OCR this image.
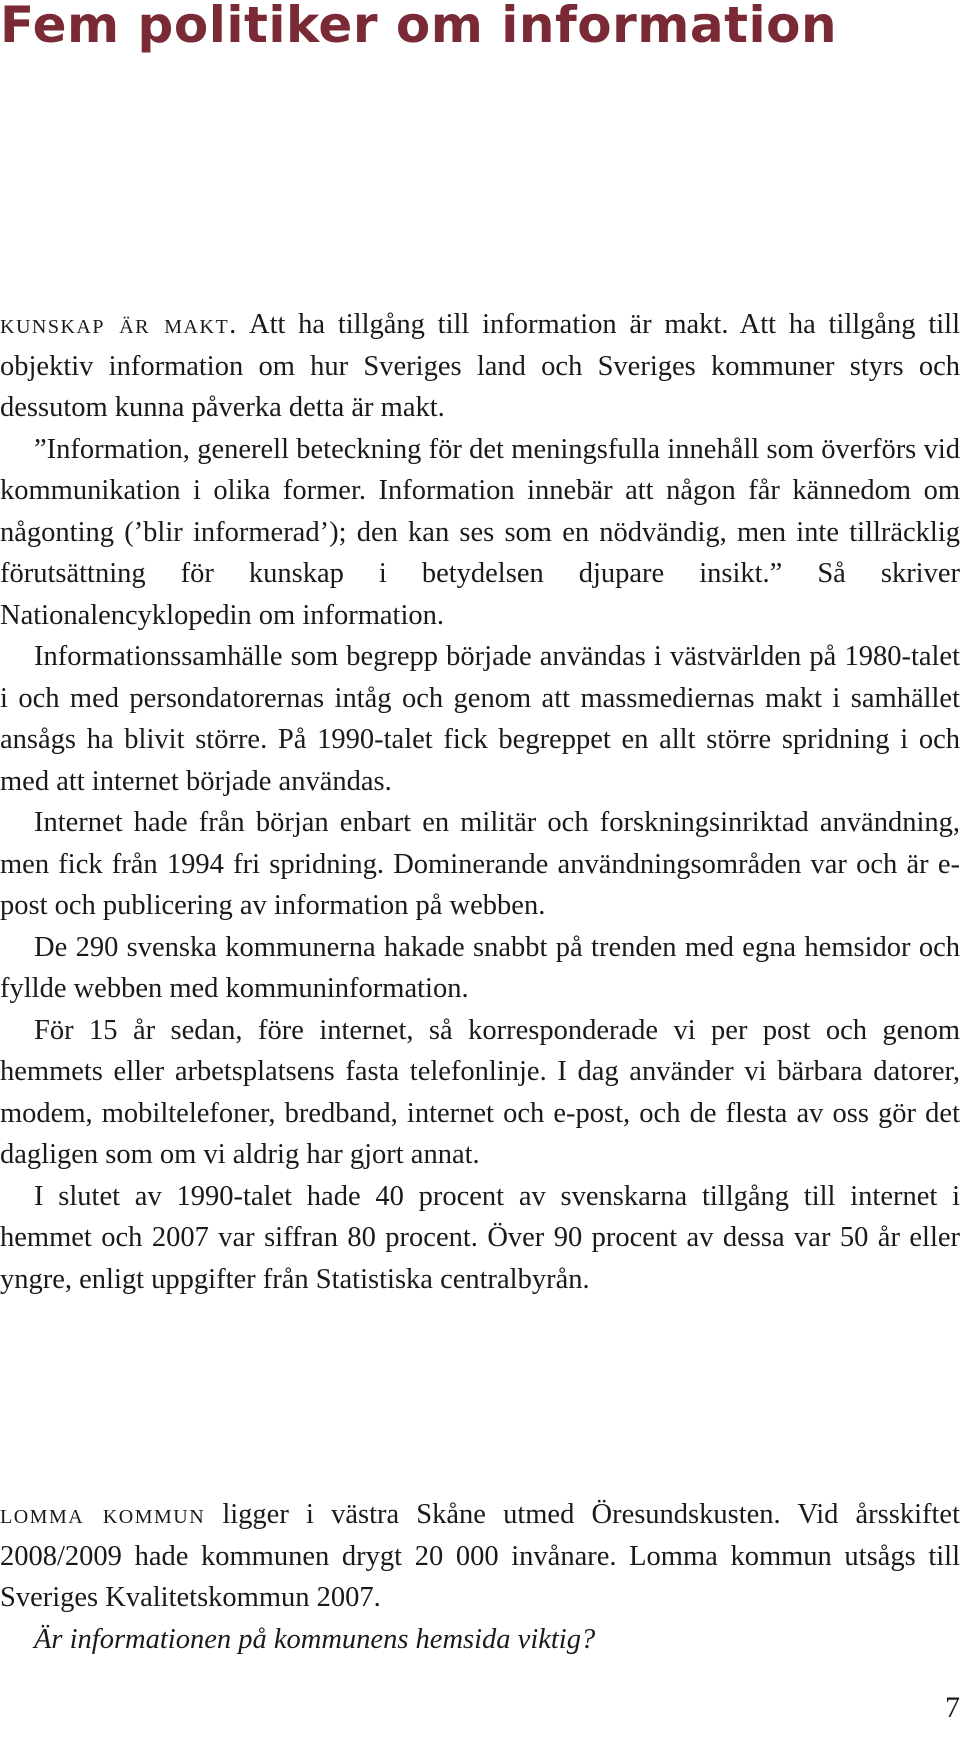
Fem politiker om information

kunskap är makt. Att ha tillgång till information är makt. Att ha tillgång till objektiv information om hur Sveriges land och Sveriges kommuner styrs och dessutom kunna påverka detta är makt.

”Information, generell beteckning för det meningsfulla innehåll som överförs vid kommunikation i olika former. Information innebär att någon får kännedom om någonting (’blir informerad’); den kan ses som en nödvändig, men inte tillräcklig förutsättning för kunskap i betydelsen djupare insikt.” Så skriver Nationalencyklopedin om information.

Informationssamhälle som begrepp började användas i västvärlden på 1980-talet i och med persondatorernas intåg och genom att massmediernas makt i samhället ansågs ha blivit större. På 1990-talet fick begreppet en allt större spridning i och med att internet började användas.

Internet hade från början enbart en militär och forskningsinriktad användning, men fick från 1994 fri spridning. Dominerande användningsområden var och är e-post och publicering av information på webben.

De 290 svenska kommunerna hakade snabbt på trenden med egna hemsidor och fyllde webben med kommuninformation.

För 15 år sedan, före internet, så korresponderade vi per post och genom hemmets eller arbetsplatsens fasta telefonlinje. I dag använder vi bärbara datorer, modem, mobiltelefoner, bredband, internet och e-post, och de flesta av oss gör det dagligen som om vi aldrig har gjort annat.

I slutet av 1990-talet hade 40 procent av svenskarna tillgång till internet i hemmet och 2007 var siffran 80 procent. Över 90 procent av dessa var 50 år eller yngre, enligt uppgifter från Statistiska centralbyrån.

lomma kommun ligger i västra Skåne utmed Öresundskusten. Vid årsskiftet 2008/2009 hade kommunen drygt 20 000 invånare. Lomma kommun utsågs till Sveriges Kvalitetskommun 2007.

Är informationen på kommunens hemsida viktig?

7
